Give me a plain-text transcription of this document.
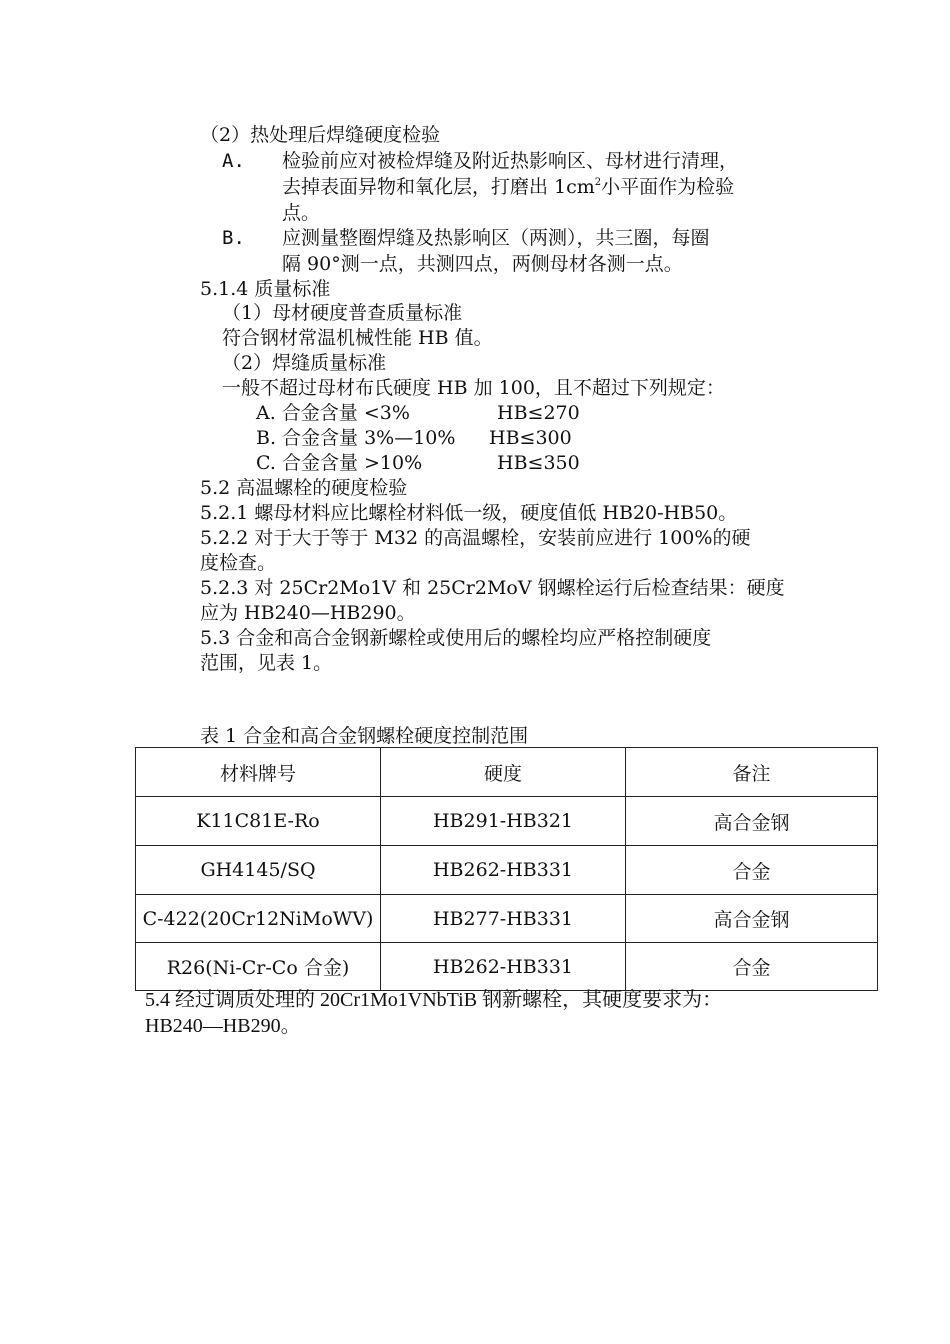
（2）热处理后焊缝硬度检验
A. 检验前应对被检焊缝及附近热影响区、母材进行清理，
去掉表面异物和氧化层，打磨出 $1cm^2$小平面作为检验
点。
B. 应测量整圈焊缝及热影响区（两测），共三圈，每圈
隔 90°测一点，共测四点，两侧母材各测一点。
5.1.4 质量标准
（1）母材硬度普查质量标准
符合钢材常温机械性能 HB 值。
（2）焊缝质量标准
一般不超过母材布氏硬度 HB 加 100，且不超过下列规定：
A. 合金含量 <3%	HB≤270
B. 合金含量 3%—10% HB≤300
C. 合金含量 >10%	HB≤350
5.2 高温螺栓的硬度检验
5.2.1 螺母材料应比螺栓材料低一级，硬度值低 HB20-HB50。
5.2.2 对于大于等于 M32 的高温螺栓，安装前应进行 100%的硬
度检查。
5.2.3 对 25Cr2Mo1V 和 25Cr2MoV 钢螺栓运行后检查结果：硬度
应为 HB240—HB290。
5.3 合金和高合金钢新螺栓或使用后的螺栓均应严格控制硬度
范围，见表 1。
表 1 合金和高合金钢螺栓硬度控制范围
材料牌号	硬度	备注
K11C81E-Ro	HB291-HB321	高合金钢
GH4145/SQ	HB262-HB331	合金
C-422(20Cr12NiMoWV)	HB277-HB331	高合金钢
R26(Ni-Cr-Co 合金)	HB262-HB331	合金
5.4 经过调质处理的 20Cr1Mo1VNbTiB 钢新螺栓，其硬度要求为：
HB240—HB290。
